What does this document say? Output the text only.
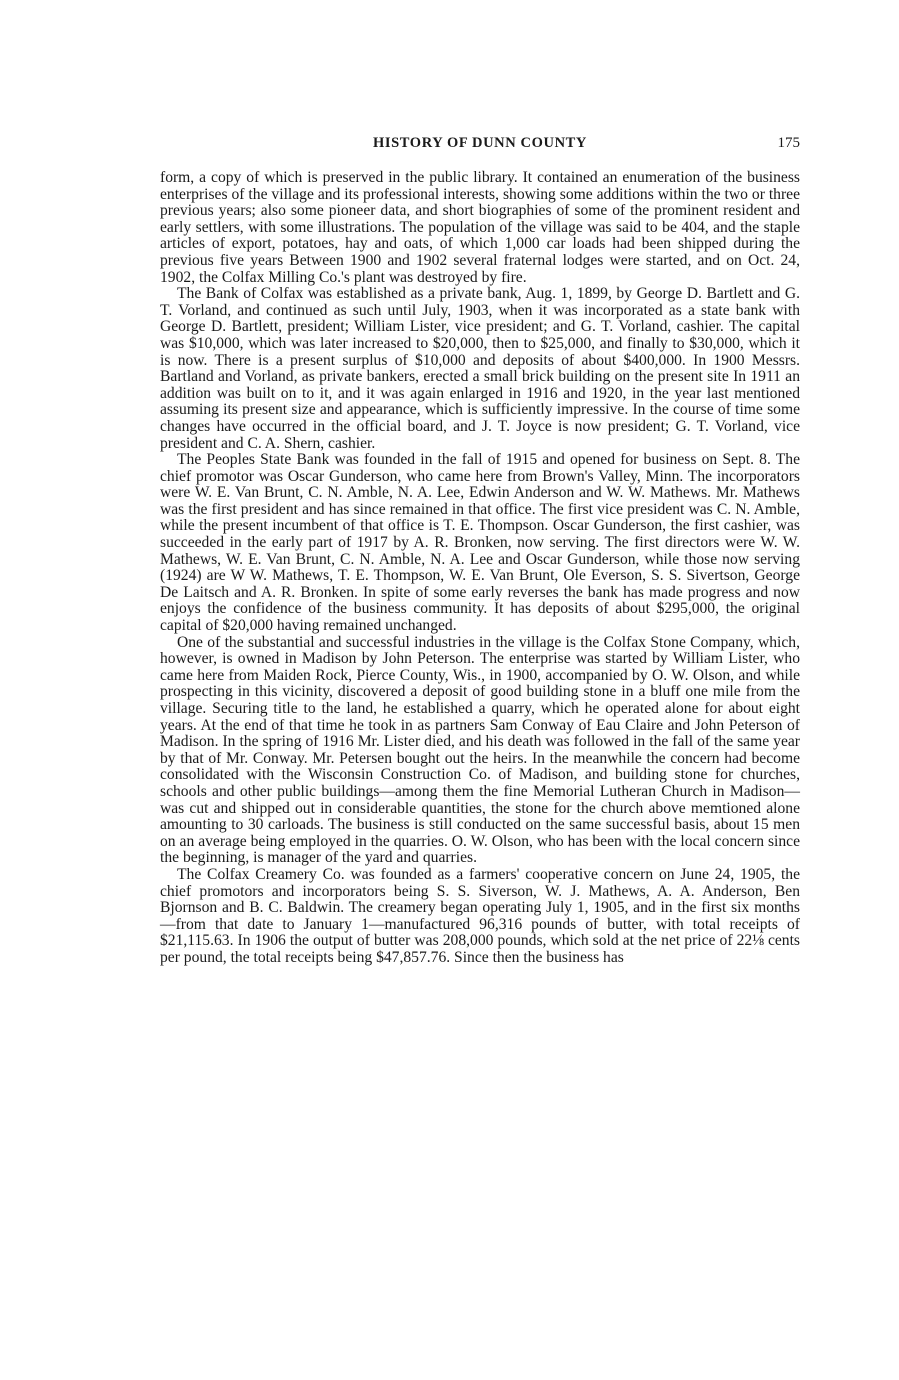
HISTORY OF DUNN COUNTY	175

form, a copy of which is preserved in the public library. It contained an enumeration of the business enterprises of the village and its professional interests, showing some additions within the two or three previous years; also some pioneer data, and short biographies of some of the prominent resident and early settlers, with some illustrations. The population of the village was said to be 404, and the staple articles of export, potatoes, hay and oats, of which 1,000 car loads had been shipped during the previous five years Between 1900 and 1902 several fraternal lodges were started, and on Oct. 24, 1902, the Colfax Milling Co.'s plant was destroyed by fire.

The Bank of Colfax was established as a private bank, Aug. 1, 1899, by George D. Bartlett and G. T. Vorland, and continued as such until July, 1903, when it was incorporated as a state bank with George D. Bartlett, president; William Lister, vice president; and G. T. Vorland, cashier. The capital was $10,000, which was later increased to $20,000, then to $25,000, and finally to $30,000, which it is now. There is a present surplus of $10,000 and deposits of about $400,000. In 1900 Messrs. Bartland and Vorland, as private bankers, erected a small brick building on the present site In 1911 an addition was built on to it, and it was again enlarged in 1916 and 1920, in the year last mentioned assuming its present size and appearance, which is sufficiently impressive. In the course of time some changes have occurred in the official board, and J. T. Joyce is now president; G. T. Vorland, vice president and C. A. Shern, cashier.

The Peoples State Bank was founded in the fall of 1915 and opened for business on Sept. 8. The chief promotor was Oscar Gunderson, who came here from Brown's Valley, Minn. The incorporators were W. E. Van Brunt, C. N. Amble, N. A. Lee, Edwin Anderson and W. W. Mathews. Mr. Mathews was the first president and has since remained in that office. The first vice president was C. N. Amble, while the present incumbent of that office is T. E. Thompson. Oscar Gunderson, the first cashier, was succeeded in the early part of 1917 by A. R. Bronken, now serving. The first directors were W. W. Mathews, W. E. Van Brunt, C. N. Amble, N. A. Lee and Oscar Gunderson, while those now serving (1924) are W W. Mathews, T. E. Thompson, W. E. Van Brunt, Ole Everson, S. S. Sivertson, George De Laitsch and A. R. Bronken. In spite of some early reverses the bank has made progress and now enjoys the confidence of the business community. It has deposits of about $295,000, the original capital of $20,000 having remained unchanged.

One of the substantial and successful industries in the village is the Colfax Stone Company, which, however, is owned in Madison by John Peterson. The enterprise was started by William Lister, who came here from Maiden Rock, Pierce County, Wis., in 1900, accompanied by O. W. Olson, and while prospecting in this vicinity, discovered a deposit of good building stone in a bluff one mile from the village. Securing title to the land, he established a quarry, which he operated alone for about eight years. At the end of that time he took in as partners Sam Conway of Eau Claire and John Peterson of Madison. In the spring of 1916 Mr. Lister died, and his death was followed in the fall of the same year by that of Mr. Conway. Mr. Petersen bought out the heirs. In the meanwhile the concern had become consolidated with the Wisconsin Construction Co. of Madison, and building stone for churches, schools and other public buildings—among them the fine Memorial Lutheran Church in Madison—was cut and shipped out in considerable quantities, the stone for the church above memtioned alone amounting to 30 carloads. The business is still conducted on the same successful basis, about 15 men on an average being employed in the quarries. O. W. Olson, who has been with the local concern since the beginning, is manager of the yard and quarries.

The Colfax Creamery Co. was founded as a farmers' cooperative concern on June 24, 1905, the chief promotors and incorporators being S. S. Siverson, W. J. Mathews, A. A. Anderson, Ben Bjornson and B. C. Baldwin. The creamery began operating July 1, 1905, and in the first six months—from that date to January 1—manufactured 96,316 pounds of butter, with total receipts of $21,115.63. In 1906 the output of butter was 208,000 pounds, which sold at the net price of 22⅛ cents per pound, the total receipts being $47,857.76. Since then the business has
